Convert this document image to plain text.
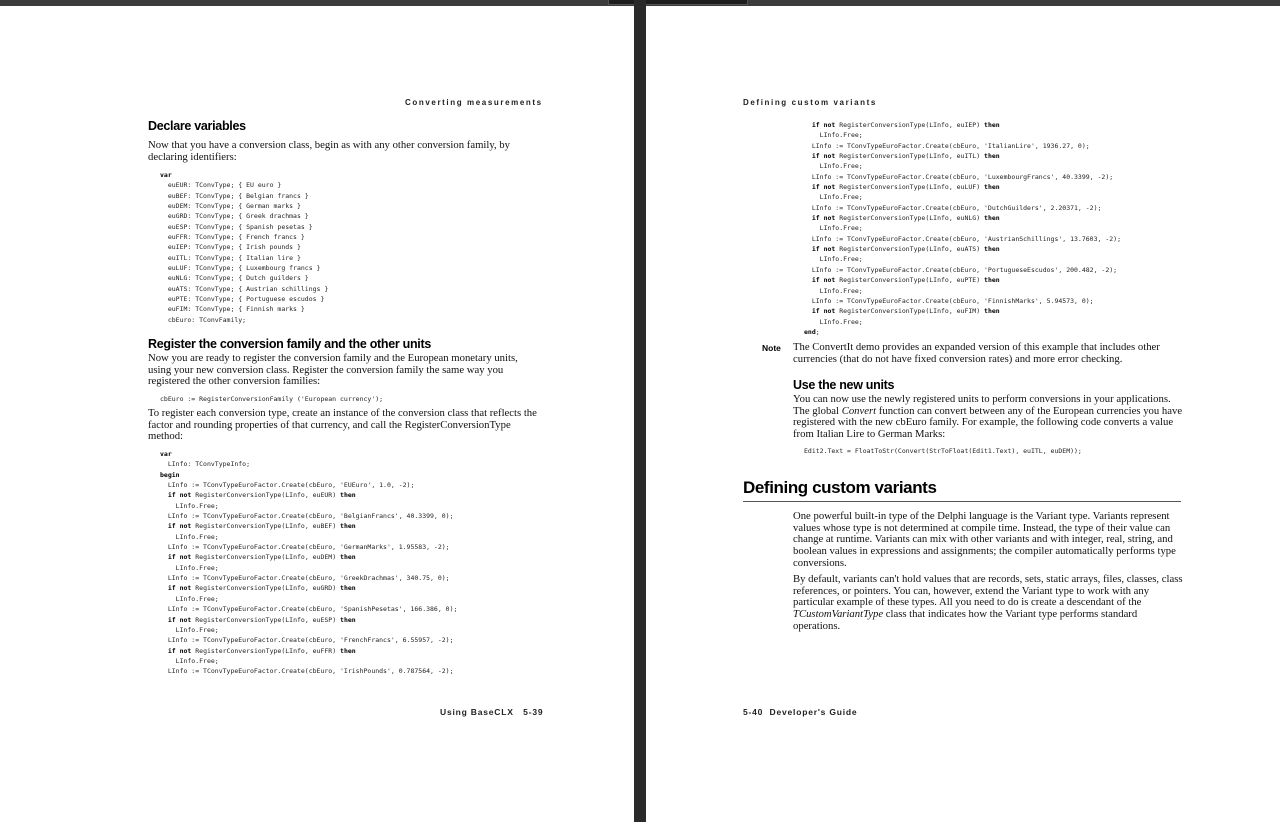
Converting measurements
Declare variables

Now that you have a conversion class, begin as with any other conversion family, by declaring identifiers:

var
euEUR: TConvType; { EU euro }
euBEF: TConvType; { Belgian francs }
euDEM: TConvType; { German marks }
euGRD: TConvType; { Greek drachmas }
euESP: TConvType; { Spanish pesetas }
euFFR: TConvType; { French francs }
euIEP: TConvType; { Irish pounds }
euITL: TConvType; { Italian lire }
euLUF: TConvType; { Luxembourg francs }
euNLG: TConvType; { Dutch guilders }
euATS: TConvType; { Austrian schillings }
euPTE: TConvType; { Portuguese escudos }
euFIM: TConvType; { Finnish marks }
cbEuro: TConvFamily;
Register the conversion family and the other units

Now you are ready to register the conversion family and the European monetary units, using your new conversion class. Register the conversion family the same way you registered the other conversion families:

cbEuro := RegisterConversionFamily ('European currency');

To register each conversion type, create an instance of the conversion class that reflects the factor and rounding properties of that currency, and call the RegisterConversionType method:

var
LInfo: TConvTypeInfo;
begin
LInfo := TConvTypeEuroFactor.Create(cbEuro, 'EUEuro', 1.0, -2);
if not RegisterConversionType(LInfo, euEUR) then
LInfo.Free;
LInfo := TConvTypeEuroFactor.Create(cbEuro, 'BelgianFrancs', 40.3399, 0);
if not RegisterConversionType(LInfo, euBEF) then
LInfo.Free;
LInfo := TConvTypeEuroFactor.Create(cbEuro, 'GermanMarks', 1.95583, -2);
if not RegisterConversionType(LInfo, euDEM) then
LInfo.Free;
LInfo := TConvTypeEuroFactor.Create(cbEuro, 'GreekDrachmas', 340.75, 0);
if not RegisterConversionType(LInfo, euGRD) then
LInfo.Free;
LInfo := TConvTypeEuroFactor.Create(cbEuro, 'SpanishPesetas', 166.386, 0);
if not RegisterConversionType(LInfo, euESP) then
LInfo.Free;
LInfo := TConvTypeEuroFactor.Create(cbEuro, 'FrenchFrancs', 6.55957, -2);
if not RegisterConversionType(LInfo, euFFR) then
LInfo.Free;
LInfo := TConvTypeEuroFactor.Create(cbEuro, 'IrishPounds', 0.787564, -2);
Using BaseCLX   5-39
Defining custom variants
if not RegisterConversionType(LInfo, euIEP) then
LInfo.Free;
LInfo := TConvTypeEuroFactor.Create(cbEuro, 'ItalianLire', 1936.27, 0);
if not RegisterConversionType(LInfo, euITL) then
LInfo.Free;
LInfo := TConvTypeEuroFactor.Create(cbEuro, 'LuxembourgFrancs', 40.3399, -2);
if not RegisterConversionType(LInfo, euLUF) then
LInfo.Free;
LInfo := TConvTypeEuroFactor.Create(cbEuro, 'DutchGuilders', 2.20371, -2);
if not RegisterConversionType(LInfo, euNLG) then
LInfo.Free;
LInfo := TConvTypeEuroFactor.Create(cbEuro, 'AustrianSchillings', 13.7603, -2);
if not RegisterConversionType(LInfo, euATS) then
LInfo.Free;
LInfo := TConvTypeEuroFactor.Create(cbEuro, 'PortugueseEscudos', 200.482, -2);
if not RegisterConversionType(LInfo, euPTE) then
LInfo.Free;
LInfo := TConvTypeEuroFactor.Create(cbEuro, 'FinnishMarks', 5.94573, 0);
if not RegisterConversionType(LInfo, euFIM) then
LInfo.Free;
end;
Note The ConvertIt demo provides an expanded version of this example that includes other currencies (that do not have fixed conversion rates) and more error checking.

Use the new units

You can now use the newly registered units to perform conversions in your applications. The global Convert function can convert between any of the European currencies you have registered with the new cbEuro family. For example, the following code converts a value from Italian Lire to German Marks:

Edit2.Text = FloatToStr(Convert(StrToFloat(Edit1.Text), euITL, euDEM));
Defining custom variants

One powerful built-in type of the Delphi language is the Variant type. Variants represent values whose type is not determined at compile time. Instead, the type of their value can change at runtime. Variants can mix with other variants and with integer, real, string, and boolean values in expressions and assignments; the compiler automatically performs type conversions.

By default, variants can't hold values that are records, sets, static arrays, files, classes, class references, or pointers. You can, however, extend the Variant type to work with any particular example of these types. All you need to do is create a descendant of the TCustomVariantType class that indicates how the Variant type performs standard operations.

5-40  Developer's Guide
